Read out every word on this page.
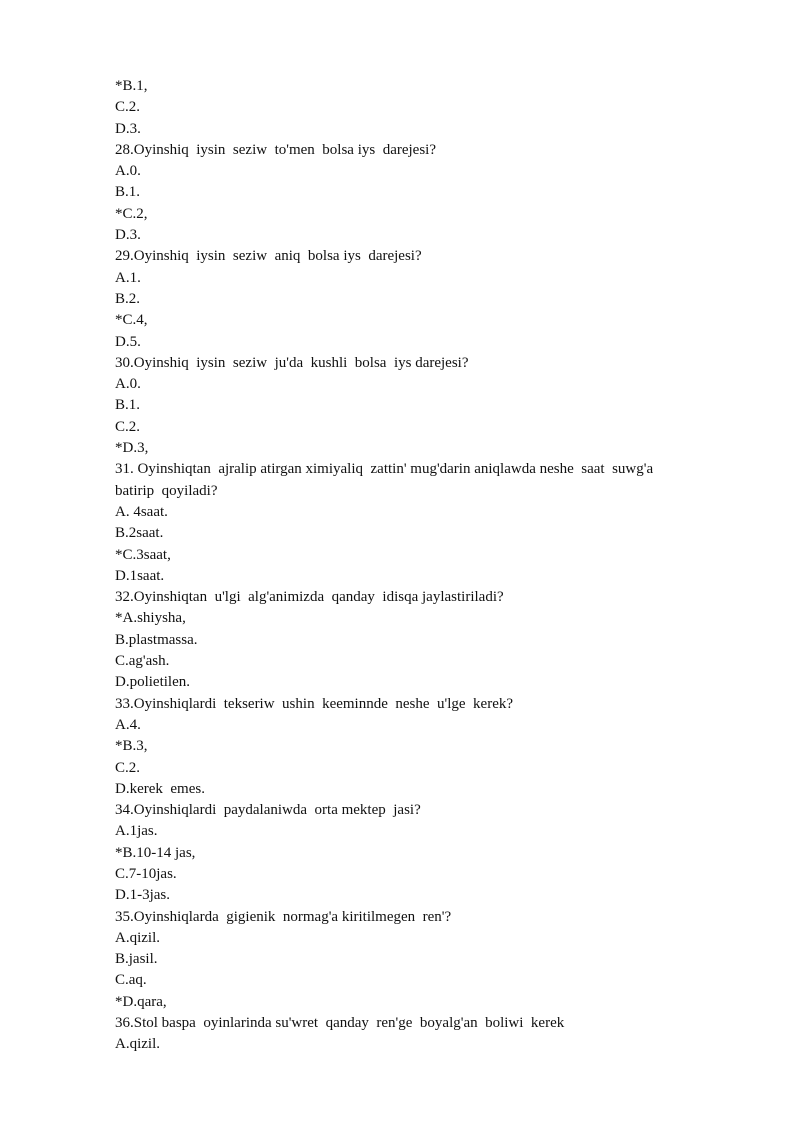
*B.1,

C.2.

D.3.

28.Oyinshiq  iysin  seziw  to'men  bolsa iys  darejesi?

A.0.

B.1.

*C.2,

D.3.

29.Oyinshiq  iysin  seziw  aniq  bolsa iys  darejesi?

A.1.

B.2.

*C.4,

D.5.

30.Oyinshiq  iysin  seziw  ju'da  kushli  bolsa  iys darejesi?

A.0.

B.1.

C.2.

*D.3,

31. Oyinshiqtan  ajralip atirgan ximiyaliq  zattin' mug'darin aniqlawda neshe  saat  suwg'a

batirip  qoyiladi?

A. 4saat.

B.2saat.

*C.3saat,

D.1saat.

32.Oyinshiqtan  u'lgi  alg'animizda  qanday  idisqa jaylastiriladi?

*A.shiysha,

B.plastmassa.

C.ag'ash.

D.polietilen.

33.Oyinshiqlardi  tekseriw  ushin  keeminnde  neshe  u'lge  kerek?

A.4.

*B.3,

C.2.

D.kerek  emes.

34.Oyinshiqlardi  paydalaniwda  orta mektep  jasi?

A.1jas.

*B.10-14 jas,

C.7-10jas.

D.1-3jas.

35.Oyinshiqlarda  gigienik  normag'a kiritilmegen  ren'?

A.qizil.

B.jasil.

C.aq.

*D.qara,

36.Stol baspa  oyinlarinda su'wret  qanday  ren'ge  boyalg'an  boliwi  kerek

A.qizil.
